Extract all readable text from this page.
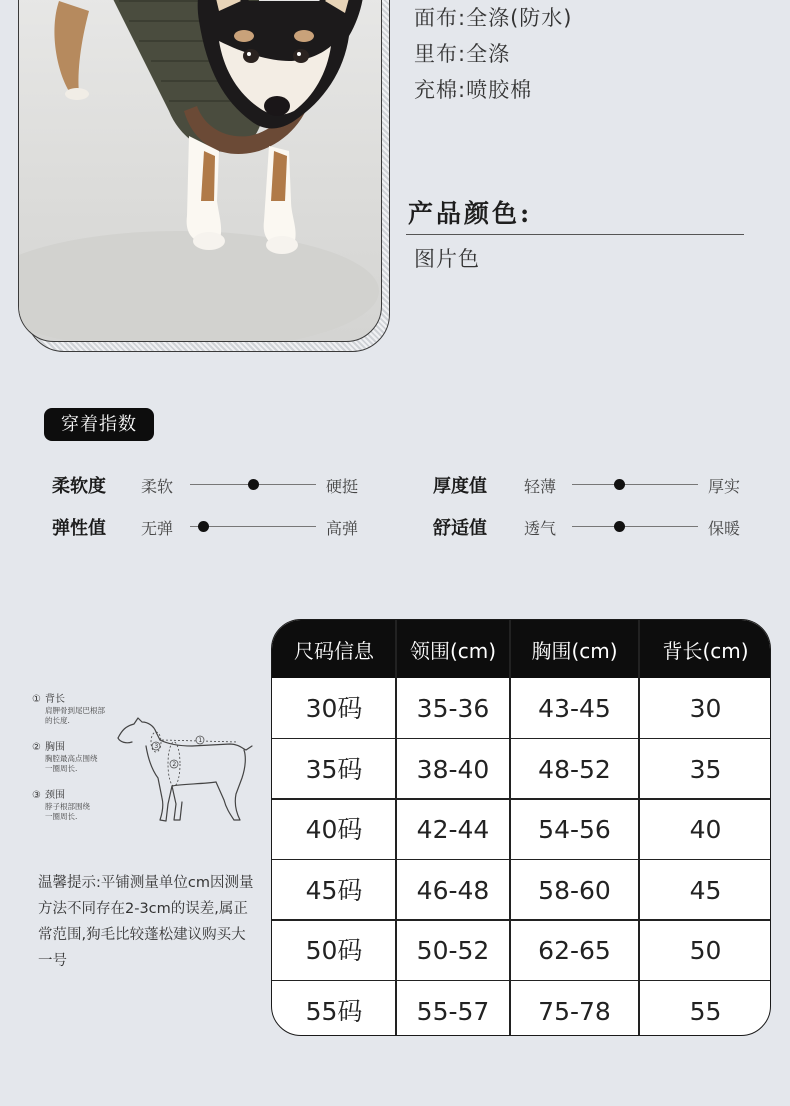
面布:全涤(防水)
里布:全涤
充棉:喷胶棉
产品颜色:
图片色
穿着指数
柔软度 柔软	硬挺	厚度值 轻薄	厚实
弹性值 无弹	高弹	舒适值 透气	保暖
① 背长
肩胛骨到尾巴根部
的长度.
② 胸围
胸腔最高点围绕
一圈周长.
③ 颈围
脖子根部围绕
一圈周长.
1
2
3
温馨提示:平铺测量单位cm因测量方法不同存在2-3cm的误差,属正常范围,狗毛比较蓬松建议购买大一号
尺码信息	领围(cm)	胸围(cm)	背长(cm)
30码	35-36	43-45	30
35码	38-40	48-52	35
40码	42-44	54-56	40
45码	46-48	58-60	45
50码	50-52	62-65	50
55码	55-57	75-78	55
